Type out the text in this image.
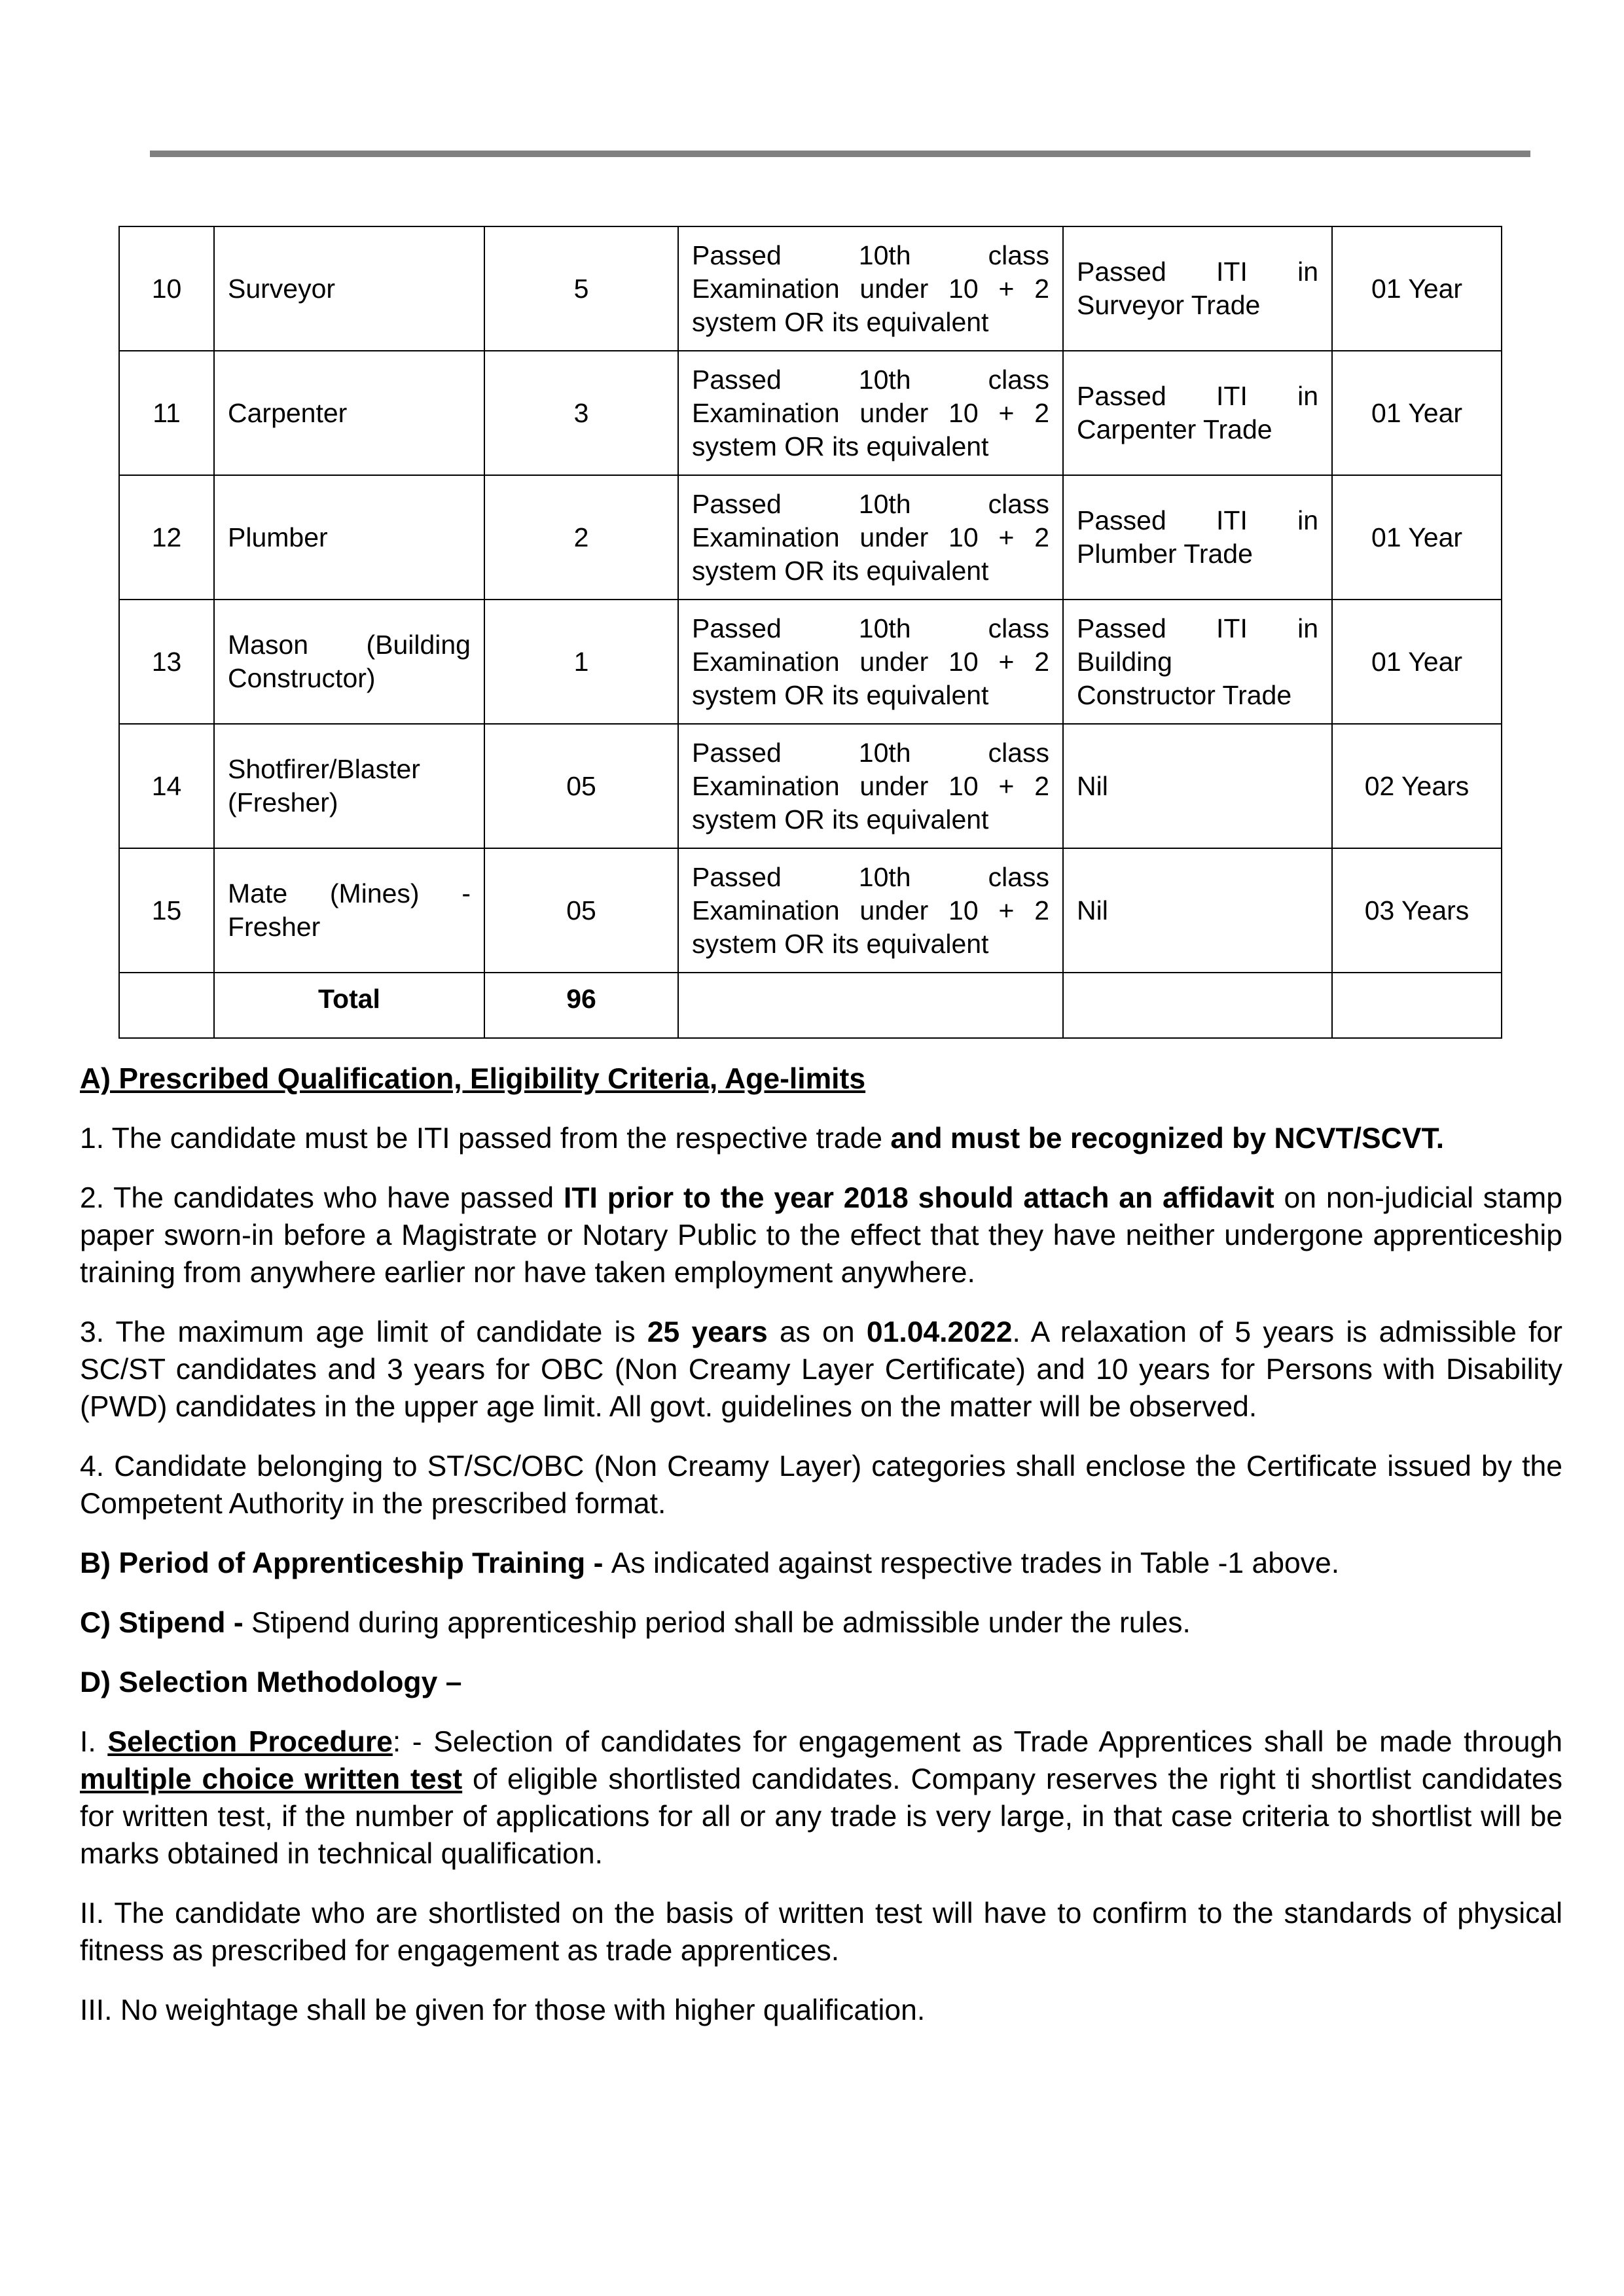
10	Surveyor	5	Passed 10th class Examination under 10 + 2 system OR its equivalent	Passed ITI in Surveyor Trade	01 Year
11	Carpenter	3	Passed 10th class Examination under 10 + 2 system OR its equivalent	Passed ITI in Carpenter Trade	01 Year
12	Plumber	2	Passed 10th class Examination under 10 + 2 system OR its equivalent	Passed ITI in Plumber Trade	01 Year
13	Mason (Building Constructor)	1	Passed 10th class Examination under 10 + 2 system OR its equivalent	Passed ITI in Building Constructor Trade	01 Year
14	Shotfirer/Blaster (Fresher)	05	Passed 10th class Examination under 10 + 2 system OR its equivalent	Nil	02 Years
15	Mate (Mines) - Fresher	05	Passed 10th class Examination under 10 + 2 system OR its equivalent	Nil	03 Years
	Total	96			

A) Prescribed Qualification, Eligibility Criteria, Age-limits

1. The candidate must be ITI passed from the respective trade and must be recognized by NCVT/SCVT.

2. The candidates who have passed ITI prior to the year 2018 should attach an affidavit on non-judicial stamp paper sworn-in before a Magistrate or Notary Public to the effect that they have neither undergone apprenticeship training from anywhere earlier nor have taken employment anywhere.

3. The maximum age limit of candidate is 25 years as on 01.04.2022. A relaxation of 5 years is admissible for SC/ST candidates and 3 years for OBC (Non Creamy Layer Certificate) and 10 years for Persons with Disability (PWD) candidates in the upper age limit. All govt. guidelines on the matter will be observed.

4. Candidate belonging to ST/SC/OBC (Non Creamy Layer) categories shall enclose the Certificate issued by the Competent Authority in the prescribed format.

B) Period of Apprenticeship Training - As indicated against respective trades in Table -1 above.

C) Stipend - Stipend during apprenticeship period shall be admissible under the rules.

D) Selection Methodology –

I. Selection Procedure: - Selection of candidates for engagement as Trade Apprentices shall be made through multiple choice written test of eligible shortlisted candidates. Company reserves the right ti shortlist candidates for written test, if the number of applications for all or any trade is very large, in that case criteria to shortlist will be marks obtained in technical qualification.

II. The candidate who are shortlisted on the basis of written test will have to confirm to the standards of physical fitness as prescribed for engagement as trade apprentices.

III. No weightage shall be given for those with higher qualification.
